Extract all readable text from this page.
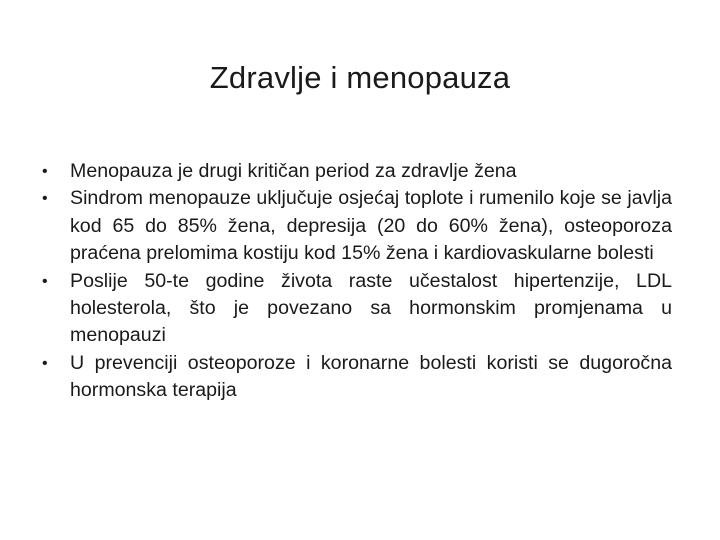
Zdravlje i menopauza
•	Menopauza je drugi kritičan period za zdravlje žena
•	Sindrom menopauze uključuje osjećaj toplote i rumenilo koje se javlja kod 65 do 85% žena, depresija (20 do 60% žena), osteoporoza praćena prelomima kostiju kod 15% žena i kardiovaskularne bolesti
•	Poslije 50-te godine života raste učestalost hipertenzije, LDL holesterola, što je povezano sa hormonskim promjenama u menopauzi
•	U prevenciji osteoporoze i koronarne bolesti koristi se dugoročna hormonska terapija
